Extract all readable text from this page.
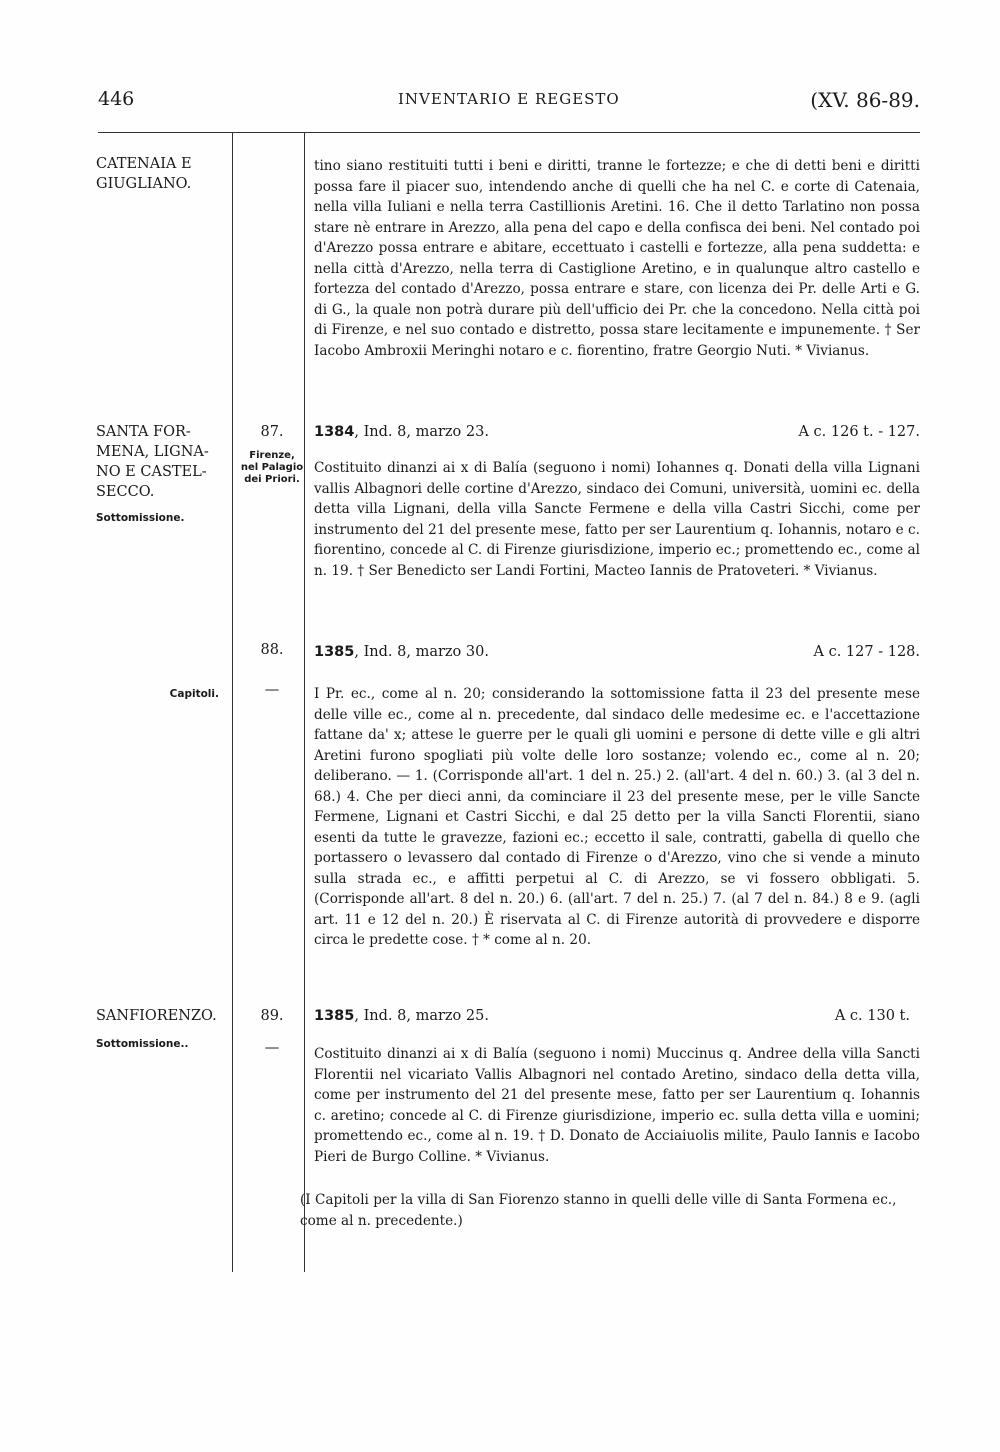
446	INVENTARIO E REGESTO	(XV. 86-89.
CATENAIA E GIUGLIANO.
tino siano restituiti tutti i beni e diritti, tranne le fortezze; e che di detti beni e diritti possa fare il piacer suo, intendendo anche di quelli che ha nel C. e corte di Catenaia, nella villa Iuliani e nella terra Castillionis Aretini. 16. Che il detto Tarlatino non possa stare nè entrare in Arezzo, alla pena del capo e della confisca dei beni. Nel contado poi d'Arezzo possa entrare e abitare, eccettuato i castelli e fortezze, alla pena suddetta: e nella città d'Arezzo, nella terra di Castiglione Aretino, e in qualunque altro castello e fortezza del contado d'Arezzo, possa entrare e stare, con licenza dei Pr. delle Arti e G. di G., la quale non potrà durare più dell'ufficio dei Pr. che la concedono. Nella città poi di Firenze, e nel suo contado e distretto, possa stare lecitamente e impunemente. † Ser Iacobo Ambroxii Meringhi notaro e c. fiorentino, fratre Georgio Nuti. * Vivianus.
SANTA FOR-MENA, LIGNA-NO E CASTEL-SECCO.
Sottomissione.
87.
Firenze, nel Palagio dei Priori.
1384, Ind. 8, marzo 23.	A c. 126 t. - 127.
Costituito dinanzi ai x di Balía (seguono i nomi) Iohannes q. Donati della villa Lignani vallis Albagnori delle cortine d'Arezzo, sindaco dei Comuni, università, uomini ec. della detta villa Lignani, della villa Sancte Fermene e della villa Castri Sicchi, come per instrumento del 21 del presente mese, fatto per ser Laurentium q. Iohannis, notaro e c. fiorentino, concede al C. di Firenze giurisdizione, imperio ec.; promettendo ec., come al n. 19. † Ser Benedicto ser Landi Fortini, Macteo Iannis de Pratoveteri. * Vivianus.
Capitoli.
88.
—
1385, Ind. 8, marzo 30.	A c. 127 - 128.
I Pr. ec., come al n. 20; considerando la sottomissione fatta il 23 del presente mese delle ville ec., come al n. precedente, dal sindaco delle medesime ec. e l'accettazione fattane da' x; attese le guerre per le quali gli uomini e persone di dette ville e gli altri Aretini furono spogliati più volte delle loro sostanze; volendo ec., come al n. 20; deliberano. — 1. (Corrisponde all'art. 1 del n. 25.) 2. (all'art. 4 del n. 60.) 3. (al 3 del n. 68.) 4. Che per dieci anni, da cominciare il 23 del presente mese, per le ville Sancte Fermene, Lignani et Castri Sicchi, e dal 25 detto per la villa Sancti Florentii, siano esenti da tutte le gravezze, fazioni ec.; eccetto il sale, contratti, gabella di quello che portassero o levassero dal contado di Firenze o d'Arezzo, vino che si vende a minuto sulla strada ec., e affitti perpetui al C. di Arezzo, se vi fossero obbligati. 5. (Corrisponde all'art. 8 del n. 20.) 6. (all'art. 7 del n. 25.) 7. (al 7 del n. 84.) 8 e 9. (agli art. 11 e 12 del n. 20.) È riservata al C. di Firenze autorità di provvedere e disporre circa le predette cose. † * come al n. 20.
SANFIORENZO.
Sottomissione..
89.
—
1385, Ind. 8, marzo 25.	A c. 130 t.
Costituito dinanzi ai x di Balía (seguono i nomi) Muccinus q. Andree della villa Sancti Florentii nel vicariato Vallis Albagnori nel contado Aretino, sindaco della detta villa, come per instrumento del 21 del presente mese, fatto per ser Laurentium q. Iohannis c. aretino; concede al C. di Firenze giurisdizione, imperio ec. sulla detta villa e uomini; promettendo ec., come al n. 19. † D. Donato de Acciaiuolis milite, Paulo Iannis e Iacobo Pieri de Burgo Colline. * Vivianus.
(I Capitoli per la villa di San Fiorenzo stanno in quelli delle ville di Santa Formena ec., come al n. precedente.)
